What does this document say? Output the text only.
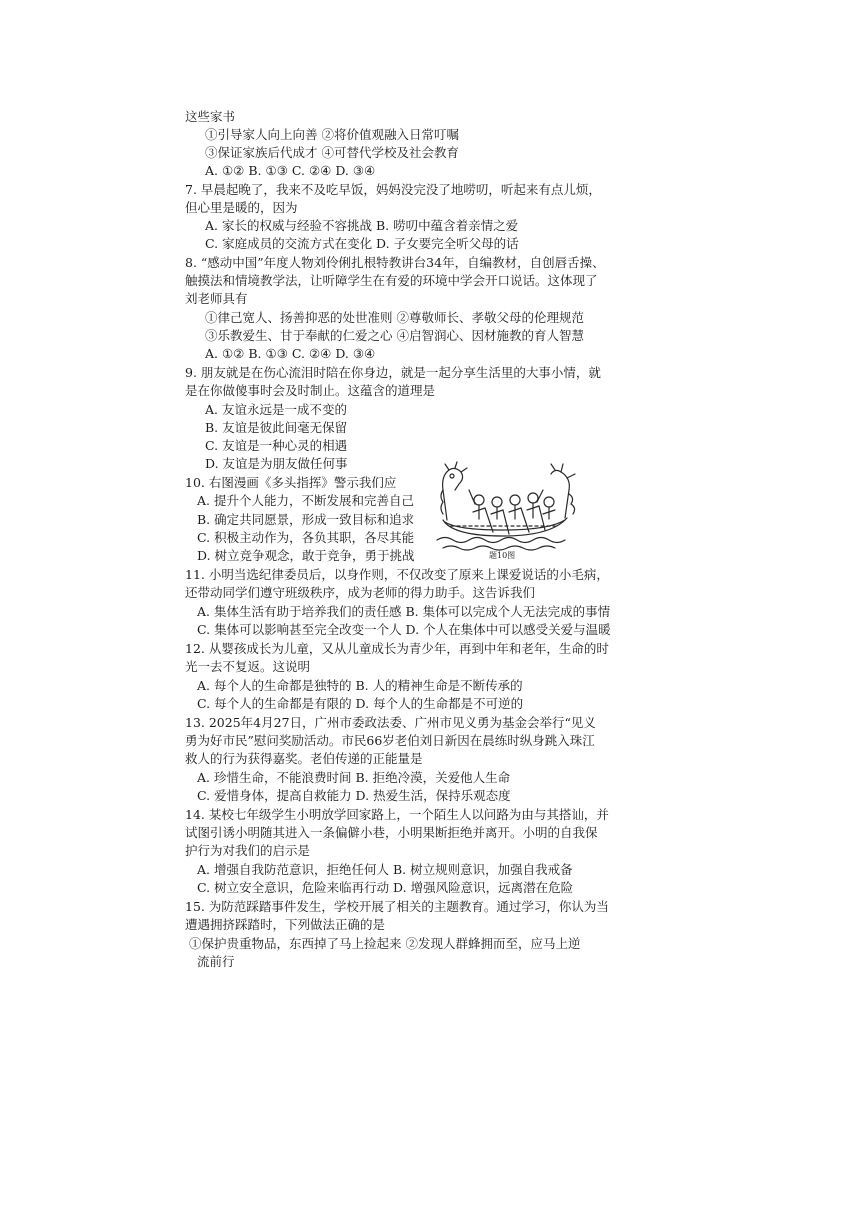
这些家书
①引导家人向上向善 ②将价值观融入日常叮嘱
③保证家族后代成才 ④可替代学校及社会教育
A. ①② B. ①③ C. ②④ D. ③④
7. 早晨起晚了，我来不及吃早饭，妈妈没完没了地唠叨，听起来有点儿烦，
但心里是暖的，因为
A. 家长的权威与经验不容挑战 B. 唠叨中蕴含着亲情之爱
C. 家庭成员的交流方式在变化 D. 子女要完全听父母的话
8. “感动中国”年度人物刘伶俐扎根特教讲台34年，自编教材，自创唇舌操、
触摸法和情境教学法，让听障学生在有爱的环境中学会开口说话。这体现了
刘老师具有
①律己宽人、扬善抑恶的处世准则 ②尊敬师长、孝敬父母的伦理规范
③乐教爱生、甘于奉献的仁爱之心 ④启智润心、因材施教的育人智慧
A. ①② B. ①③ C. ②④ D. ③④
9. 朋友就是在伤心流泪时陪在你身边，就是一起分享生活里的大事小情，就
是在你做傻事时会及时制止。这蕴含的道理是
A. 友谊永远是一成不变的
B. 友谊是彼此间毫无保留
C. 友谊是一种心灵的相遇
D. 友谊是为朋友做任何事
10. 右图漫画《多头指挥》警示我们应
A. 提升个人能力，不断发展和完善自己
B. 确定共同愿景，形成一致目标和追求
C. 积极主动作为，各负其职，各尽其能
D. 树立竞争观念，敢于竞争，勇于挑战	题10图
11. 小明当选纪律委员后，以身作则，不仅改变了原来上课爱说话的小毛病，
还带动同学们遵守班级秩序，成为老师的得力助手。这告诉我们
A. 集体生活有助于培养我们的责任感 B. 集体可以完成个人无法完成的事情
C. 集体可以影响甚至完全改变一个人 D. 个人在集体中可以感受关爱与温暖
12. 从婴孩成长为儿童，又从儿童成长为青少年，再到中年和老年，生命的时
光一去不复返。这说明
A. 每个人的生命都是独特的 B. 人的精神生命是不断传承的
C. 每个人的生命都是有限的 D. 每个人的生命都是不可逆的
13. 2025年4月27日，广州市委政法委、广州市见义勇为基金会举行“见义
勇为好市民”慰问奖励活动。市民66岁老伯刘日新因在晨练时纵身跳入珠江
救人的行为获得嘉奖。老伯传递的正能量是
A. 珍惜生命，不能浪费时间 B. 拒绝冷漠，关爱他人生命
C. 爱惜身体，提高自救能力 D. 热爱生活，保持乐观态度
14. 某校七年级学生小明放学回家路上，一个陌生人以问路为由与其搭讪，并
试图引诱小明随其进入一条偏僻小巷，小明果断拒绝并离开。小明的自我保
护行为对我们的启示是
A. 增强自我防范意识，拒绝任何人 B. 树立规则意识，加强自我戒备
C. 树立安全意识，危险来临再行动 D. 增强风险意识，远离潜在危险
15. 为防范踩踏事件发生，学校开展了相关的主题教育。通过学习，你认为当
遭遇拥挤踩踏时，下列做法正确的是
①保护贵重物品，东西掉了马上捡起来 ②发现人群蜂拥而至，应马上逆
流前行
